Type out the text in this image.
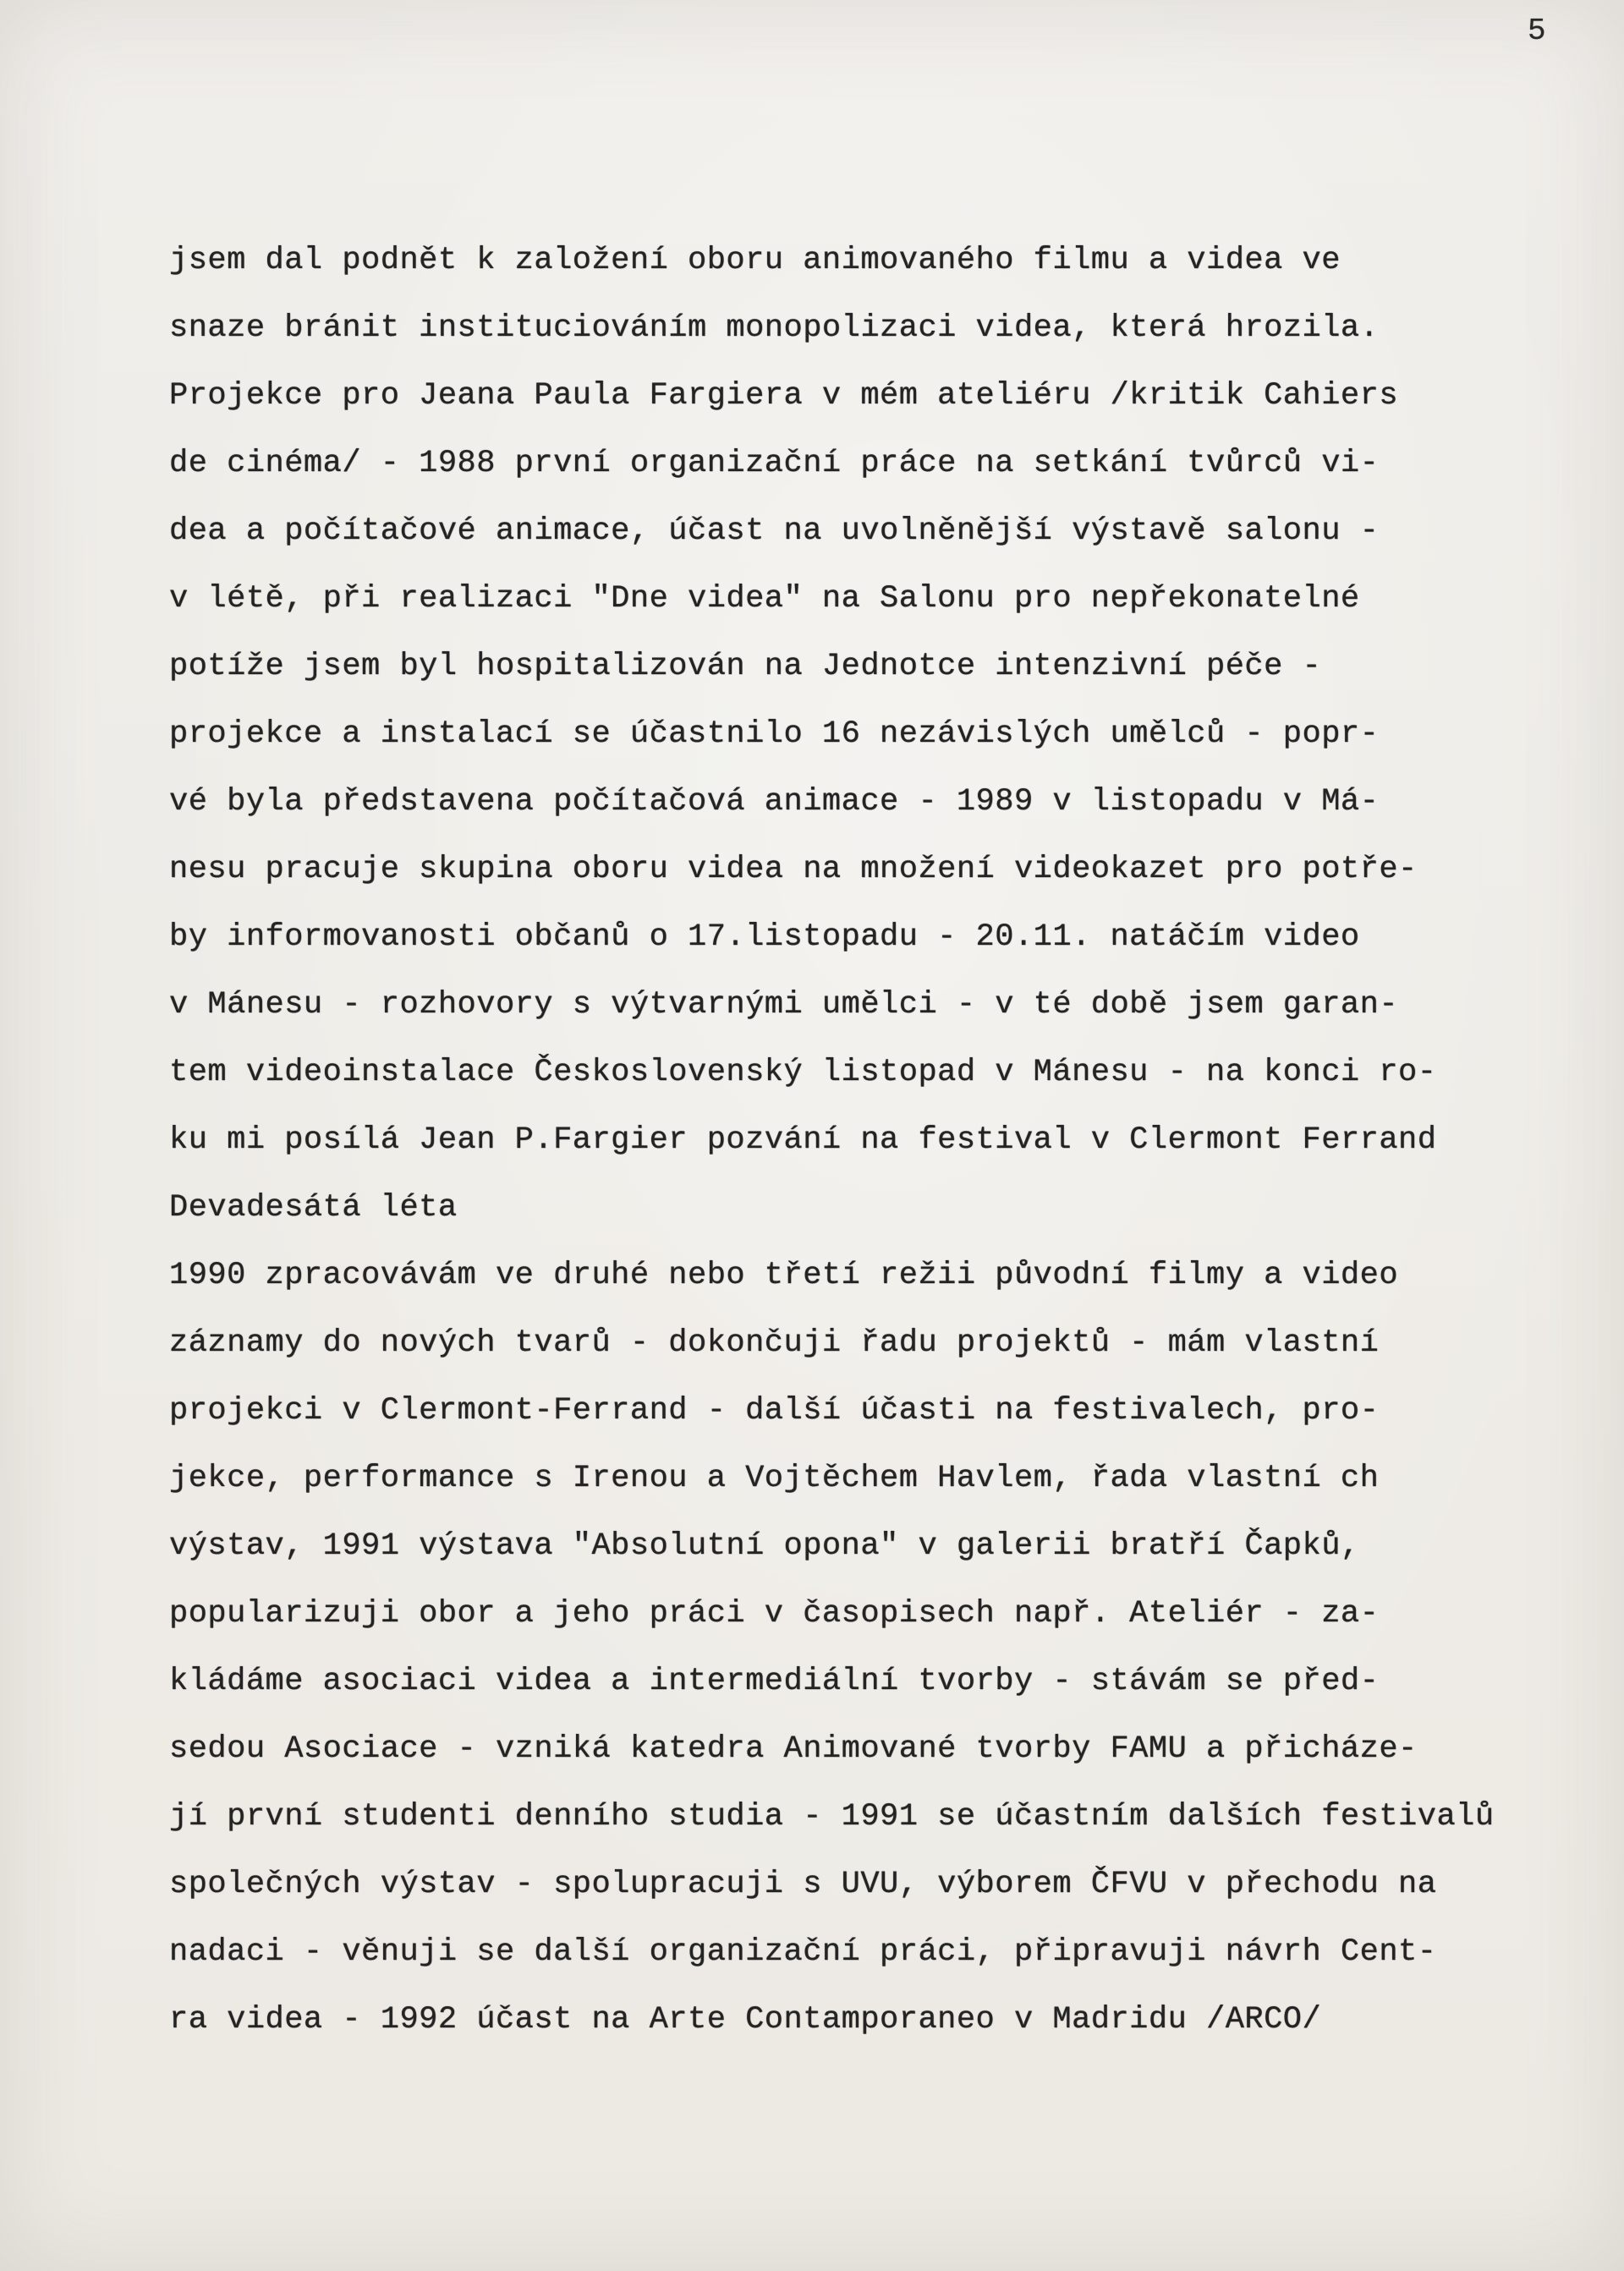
5
jsem dal podnět k založení oboru animovaného filmu a videa ve
snaze bránit instituciováním monopolizaci videa, která hrozila.
Projekce pro Jeana Paula Fargiera v mém ateliéru /kritik Cahiers
de cinéma/ - 1988 první organizační práce na setkání tvůrců vi-
dea a počítačové animace, účast na uvolněnější výstavě salonu -
v létě, při realizaci "Dne videa" na Salonu pro nepřekonatelné
potíže jsem byl hospitalizován na Jednotce intenzivní péče -
projekce a instalací se účastnilo 16 nezávislých umělců - popr-
vé byla představena počítačová animace - 1989 v listopadu v Má-
nesu pracuje skupina oboru videa na množení videokazet pro potře-
by informovanosti občanů o 17.listopadu - 20.11. natáčím video
v Mánesu - rozhovory s výtvarnými umělci - v té době jsem garan-
tem videoinstalace Československý listopad v Mánesu - na konci ro-
ku mi posílá Jean P.Fargier pozvání na festival v Clermont Ferrand
Devadesátá léta
1990 zpracovávám ve druhé nebo třetí režii původní filmy a video
záznamy do nových tvarů - dokončuji řadu projektů - mám vlastní
projekci v Clermont-Ferrand - další účasti na festivalech, pro-
jekce, performance s Irenou a Vojtěchem Havlem, řada vlastní ch
výstav, 1991 výstava "Absolutní opona" v galerii bratří Čapků,
popularizuji obor a jeho práci v časopisech např. Ateliér - za-
kládáme asociaci videa a intermediální tvorby - stávám se před-
sedou Asociace - vzniká katedra Animované tvorby FAMU a přicháze-
jí první studenti denního studia - 1991 se účastním dalších festivalů
společných výstav - spolupracuji s UVU, výborem ČFVU v přechodu na
nadaci - věnuji se další organizační práci, připravuji návrh Cent-
ra videa - 1992 účast na Arte Contamporaneo v Madridu /ARCO/
